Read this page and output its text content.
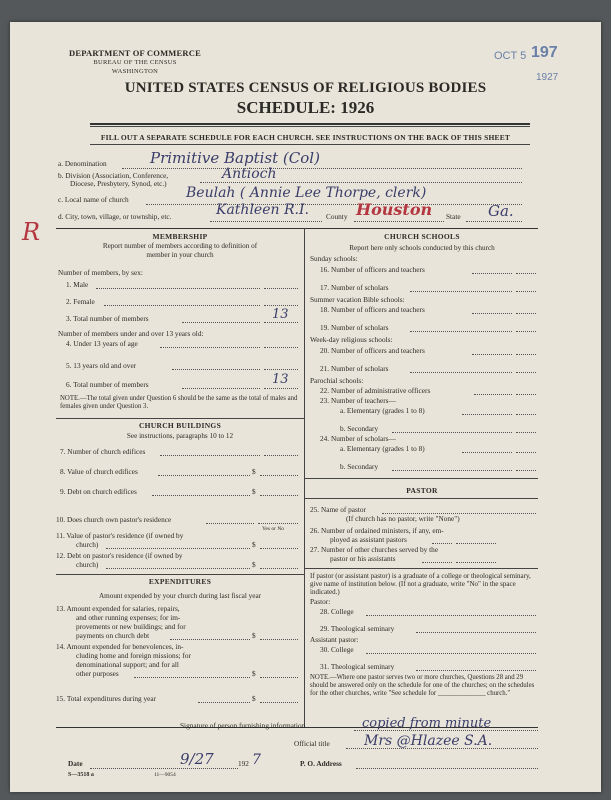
DEPARTMENT OF COMMERCE
BUREAU OF THE CENSUS
WASHINGTON
OCT 5 197
1927
UNITED STATES CENSUS OF RELIGIOUS BODIES
SCHEDULE: 1926
FILL OUT A SEPARATE SCHEDULE FOR EACH CHURCH. SEE INSTRUCTIONS ON THE BACK OF THIS SHEET
a. Denomination	Primitive Baptist (Col)
b. Division (Association, Conference,
Diocese, Presbytery, Synod, etc.)
Antioch
c. Local name of church	Beulah ( Annie Lee Thorpe, clerk)
d. City, town, village, or township, etc.	Kathleen R.I. County Houston State Ga.
R	MEMBERSHIP
Report number of members according to definition of
member in your church
Number of members, by sex:
1. Male
2. Female
3. Total number of members	13
Number of members under and over 13 years old:
4. Under 13 years of age
5. 13 years old and over
6. Total number of members	13
NOTE.—The total given under Question 6 should be the same as the total of males and females given under Question 3.
CHURCH BUILDINGS
See instructions, paragraphs 10 to 12
7. Number of church edifices
8. Value of church edifices	$
9. Debt on church edifices	$
10. Does church own pastor's residence
Yes or No
11. Value of pastor's residence (if owned by
church)	$
12. Debt on pastor's residence (if owned by
church)	$
EXPENDITURES
Amount expended by your church during last fiscal year
13. Amount expended for salaries, repairs,
and other running expenses; for im-
provements or new buildings; and for
payments on church debt	$
14. Amount expended for benevolences, in-
cluding home and foreign missions; for
denominational support; and for all
other purposes	$
15. Total expenditures during year	$
CHURCH SCHOOLS
Report here only schools conducted by this church
Sunday schools:
16. Number of officers and teachers
17. Number of scholars
Summer vacation Bible schools:
18. Number of officers and teachers
19. Number of scholars
Week-day religious schools:
20. Number of officers and teachers
21. Number of scholars
Parochial schools:
22. Number of administrative officers
23. Number of teachers—
a. Elementary (grades 1 to 8)
b. Secondary
24. Number of scholars—
a. Elementary (grades 1 to 8)
b. Secondary
PASTOR
25. Name of pastor
(If church has no pastor, write "None")
26. Number of ordained ministers, if any, em-
ployed as assistant pastors
27. Number of other churches served by the
pastor or his assistants
If pastor (or assistant pastor) is a graduate of a college or theological seminary, give name of institution below. (If not a graduate, write "No" in the space indicated.)
Pastor:
28. College
29. Theological seminary
Assistant pastor:
30. College
31. Theological seminary
NOTE.—Where one pastor serves two or more churches, Questions 28 and 29 should be answered only on the schedule for one of the churches; on the schedules for the other churches, write "See schedule for ______________ church."
Signature of person furnishing information	copied from minute
Official title Mrs @Hlazee S.A.
Date	9/27	192 7	P. O. Address
S—3518 a	11—9054
